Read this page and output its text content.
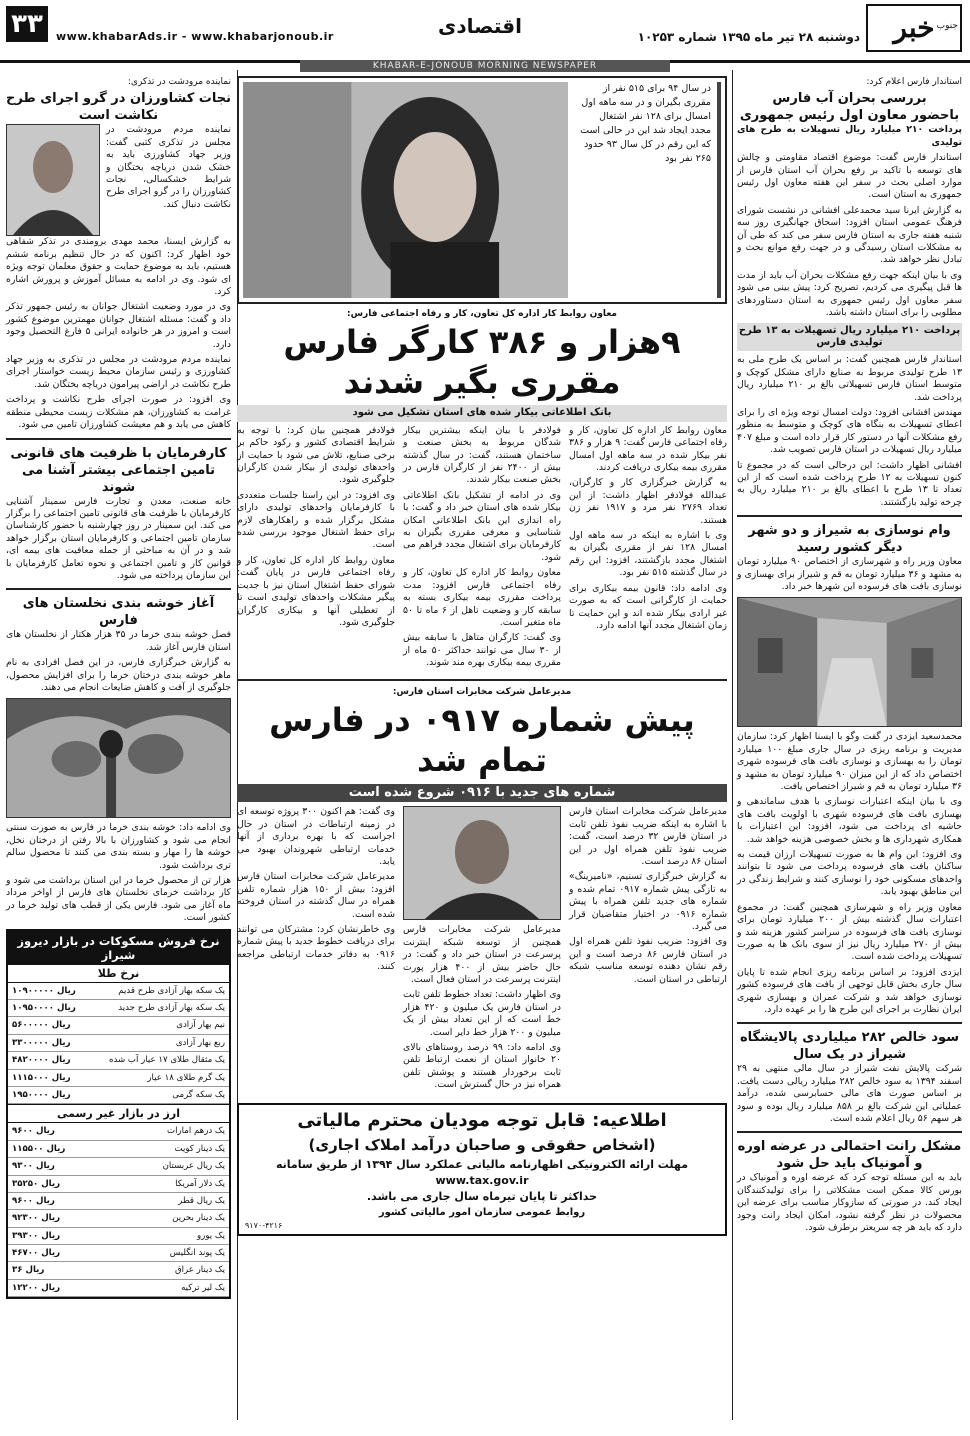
۳۳	www.khabarAds.ir - www.khabarjonoub.ir	اقتصادی	جنوب
خبر
دوشنبه ۲۸ تیر ماه ۱۳۹۵ شماره ۱۰۲۵۳
KHABAR-E-JONOUB MORNING NEWSPAPER

استاندار فارس اعلام کرد:

بررسی بحران آب فارس

باحضور معاون اول رئیس جمهوری

پرداخت ۲۱۰ میلیارد ریال تسهیلات به طرح های تولیدی

استاندار فارس گفت: موضوع اقتصاد مقاومتی و چالش های توسعه با تاکید بر رفع بحران آب استان فارس از موارد اصلی بحث در سفر این هفته معاون اول رئیس جمهوری به استان است.

به گزارش ایرنا سید محمدعلی افشانی در نشست شورای فرهنگ عمومی استان افزود: اسحاق جهانگیری روز سه شنبه هفته جاری به استان فارس سفر می کند که طی آن به مشکلات استان رسیدگی و در جهت رفع موانع بحث و تبادل نظر خواهد شد.

وی با بیان اینکه جهت رفع مشکلات بحران آب باید از مدت ها قبل پیگیری می کردیم، تصریح کرد: پیش بینی می شود سفر معاون اول رئیس جمهوری به استان دستاوردهای مطلوبی را برای استان داشته باشد.

پرداخت ۲۱۰ میلیارد ریال تسهیلات به ۱۳ طرح تولیدی فارس

استاندار فارس همچنین گفت: بر اساس یک طرح ملی به ۱۳ طرح تولیدی مربوط به صنایع دارای مشکل کوچک و متوسط استان فارس تسهیلاتی بالغ بر ۲۱۰ میلیارد ریال پرداخت شد.

مهندس افشانی افزود: دولت امسال توجه ویژه ای را برای اعطای تسهیلات به بنگاه های کوچک و متوسط به منظور رفع مشکلات آنها در دستور کار قرار داده است و مبلغ ۴۰۷ میلیارد ریال تسهیلات در استان فارس تصویب شد.

افشانی اظهار داشت: این درحالی است که در مجموع تا کنون تسهیلات به ۱۲ طرح پرداخت شده است که از این تعداد تا ۱۳ طرح با اعطای بالغ بر ۲۱۰ میلیارد ریال به چرخه تولید بازگشتند.

وام نوسازی به شیراز و دو شهر دیگر کشور رسید

معاون وزیر راه و شهرسازی از اختصاص ۹۰ میلیارد تومان به مشهد و ۳۶ میلیارد تومان به قم و شیراز برای بهسازی و نوسازی بافت های فرسوده این شهرها خبر داد.

محمدسعید ایزدی در گفت وگو با ایسنا اظهار کرد: سازمان مدیریت و برنامه ریزی در سال جاری مبلغ ۱۰۰ میلیارد تومان را به بهسازی و نوسازی بافت های فرسوده شهری اختصاص داد که از این میزان ۹۰ میلیارد تومان به مشهد و ۳۶ میلیارد تومان به قم و شیراز اختصاص یافت.

وی با بیان اینکه اعتبارات نوسازی با هدف ساماندهی و بهسازی بافت های فرسوده شهری با اولویت بافت های حاشیه ای پرداخت می شود، افزود: این اعتبارات با همکاری شهرداری ها و بخش خصوصی هزینه خواهد شد.

وی افزود: این وام ها به صورت تسهیلات ارزان قیمت به ساکنان بافت های فرسوده پرداخت می شود تا بتوانند واحدهای مسکونی خود را نوسازی کنند و شرایط زندگی در این مناطق بهبود یابد.

معاون وزیر راه و شهرسازی همچنین گفت: در مجموع اعتبارات سال گذشته بیش از ۲۰۰ میلیارد تومان برای نوسازی بافت های فرسوده در سراسر کشور هزینه شد و بیش از ۲۷۰ میلیارد ریال نیز از سوی بانک ها به صورت تسهیلات پرداخت شده است.

ایزدی افزود: بر اساس برنامه ریزی انجام شده تا پایان سال جاری بخش قابل توجهی از بافت های فرسوده کشور نوسازی خواهد شد و شرکت عمران و بهسازی شهری ایران نظارت بر اجرای این طرح ها را بر عهده دارد.

سود خالص ۲۸۲ میلیاردی پالایشگاه شیراز در یک سال

شرکت پالایش نفت شیراز در سال مالی منتهی به ۲۹ اسفند ۱۳۹۴ به سود خالص ۲۸۲ میلیارد ریالی دست یافت. بر اساس صورت های مالی حسابرسی شده، درآمد عملیاتی این شرکت بالغ بر ۸۵۸ میلیارد ریال بوده و سود هر سهم ۵۶ ریال اعلام شده است.

مشکل رانت احتمالی در عرضه اوره و آمونیاک باید حل شود

باید به این مسئله توجه کرد که عرضه اوره و آمونیاک در بورس کالا ممکن است مشکلاتی را برای تولیدکنندگان ایجاد کند. در صورتی که سازوکار مناسب برای عرضه این محصولات در نظر گرفته نشود، امکان ایجاد رانت وجود دارد که باید هر چه سریعتر برطرف شود.

در سال ۹۴ برای ۵۱۵ نفر از مقرری بگیران و در سه ماهه اول امسال برای ۱۲۸ نفر اشتغال مجدد ایجاد شد این در حالی است که این رقم در کل سال ۹۳ حدود ۲۶۵ نفر بود

معاون روابط کار اداره کل تعاون، کار و رفاه اجتماعی فارس:

۹هزار و ۳۸۶ کارگر فارس مقرری بگیر شدند

بانک اطلاعاتی بیکار شده های استان تشکیل می شود

معاون روابط کار اداره کل تعاون، کار و رفاه اجتماعی فارس گفت: ۹ هزار و ۳۸۶ نفر بیکار شده در سه ماهه اول امسال مقرری بیمه بیکاری دریافت کردند.

به گزارش خبرگزاری کار و کارگران، عبدالله فولادفر اظهار داشت: از این تعداد ۲۷۶۹ نفر مرد و ۱۹۱۷ نفر زن هستند.

وی با اشاره به اینکه در سه ماهه اول امسال ۱۲۸ نفر از مقرری بگیران به اشتغال مجدد بازگشتند، افزود: این رقم در سال گذشته ۵۱۵ نفر بود.

وی ادامه داد: قانون بیمه بیکاری برای حمایت از کارگرانی است که به صورت غیر ارادی بیکار شده اند و این حمایت تا زمان اشتغال مجدد آنها ادامه دارد.

فولادفر با بیان اینکه بیشترین بیکار شدگان مربوط به بخش صنعت و ساختمان هستند، گفت: در سال گذشته بیش از ۲۴۰۰ نفر از کارگران فارس در بخش صنعت بیکار شدند.

وی در ادامه از تشکیل بانک اطلاعاتی بیکار شده های استان خبر داد و گفت: با راه اندازی این بانک اطلاعاتی امکان شناسایی و معرفی مقرری بگیران به کارفرمایان برای اشتغال مجدد فراهم می شود.

معاون روابط کار اداره کل تعاون، کار و رفاه اجتماعی فارس افزود: مدت پرداخت مقرری بیمه بیکاری بسته به سابقه کار و وضعیت تاهل از ۶ ماه تا ۵۰ ماه متغیر است.

وی گفت: کارگران متاهل با سابقه بیش از ۳۰ سال می توانند حداکثر ۵۰ ماه از مقرری بیمه بیکاری بهره مند شوند.

فولادفر همچنین بیان کرد: با توجه به شرایط اقتصادی کشور و رکود حاکم بر برخی صنایع، تلاش می شود با حمایت از واحدهای تولیدی از بیکار شدن کارگران جلوگیری شود.

وی افزود: در این راستا جلسات متعددی با کارفرمایان واحدهای تولیدی دارای مشکل برگزار شده و راهکارهای لازم برای حفظ اشتغال موجود بررسی شده است.

معاون روابط کار اداره کل تعاون، کار و رفاه اجتماعی فارس در پایان گفت: شورای حفظ اشتغال استان نیز با جدیت پیگیر مشکلات واحدهای تولیدی است تا از تعطیلی آنها و بیکاری کارگران جلوگیری شود.

مدیرعامل شرکت مخابرات استان فارس:

پیش شماره ۰۹۱۷ در فارس تمام شد

شماره های جدید با ۰۹۱۶ شروع شده است

مدیرعامل شرکت مخابرات استان فارس با اشاره به اینکه ضریب نفوذ تلفن ثابت در استان فارس ۳۲ درصد است، گفت: ضریب نفوذ تلفن همراه اول در این استان ۸۶ درصد است.

به گزارش خبرگزاری تسنیم، «نامیرینگ» به تازگی پیش شماره ۰۹۱۷ تمام شده و شماره های جدید تلفن همراه با پیش شماره ۰۹۱۶ در اختیار متقاضیان قرار می گیرد.

وی افزود: ضریب نفوذ تلفن همراه اول در استان فارس ۸۶ درصد است و این رقم نشان دهنده توسعه مناسب شبکه ارتباطی در استان است.

مدیرعامل شرکت مخابرات فارس همچنین از توسعه شبکه اینترنت پرسرعت در استان خبر داد و گفت: در حال حاضر بیش از ۴۰۰ هزار پورت اینترنت پرسرعت در استان فعال است.

وی اظهار داشت: تعداد خطوط تلفن ثابت در استان فارس یک میلیون و ۴۲۰ هزار خط است که از این تعداد بیش از یک میلیون و ۲۰۰ هزار خط دایر است.

وی ادامه داد: ۹۹ درصد روستاهای بالای ۲۰ خانوار استان از نعمت ارتباط تلفن ثابت برخوردار هستند و پوشش تلفن همراه نیز در حال گسترش است.

وی گفت: هم اکنون ۳۰۰ پروژه توسعه ای در زمینه ارتباطات در استان در حال اجراست که با بهره برداری از آنها خدمات ارتباطی شهروندان بهبود می یابد.

مدیرعامل شرکت مخابرات استان فارس افزود: بیش از ۱۵۰ هزار شماره تلفن همراه در سال گذشته در استان فروخته شده است.

وی خاطرنشان کرد: مشترکان می توانند برای دریافت خطوط جدید با پیش شماره ۰۹۱۶ به دفاتر خدمات ارتباطی مراجعه کنند.

اطلاعیه: قابل توجه مودیان محترم مالیاتی
(اشخاص حقوقی و صاحبان درآمد املاک اجاری)
مهلت ارائه الکترونیکی اظهارنامه مالیاتی عملکرد سال ۱۳۹۴ از طریق سامانه www.tax.gov.ir
حداکثر تا پایان تیرماه سال جاری می باشد.
روابط عمومی سازمان امور مالیاتی کشور
۹۱۷۰-۴۲۱۶

نماینده مرودشت در تذکری:

نجات کشاورزان در گرو اجرای طرح نکاشت است

نماینده مردم مرودشت در مجلس در تذکری کتبی گفت: وزیر جهاد کشاورزی باید به خشک شدن دریاچه بختگان و شرایط خشکسالی، نجات کشاورزان را در گرو اجرای طرح نکاشت دنبال کند.

به گزارش ایسنا، محمد مهدی برومندی در تذکر شفاهی خود اظهار کرد: اکنون که در حال تنظیم برنامه ششم هستیم، باید به موضوع حمایت و حقوق معلمان توجه ویژه ای شود. وی در ادامه به مسائل آموزش و پرورش اشاره کرد.

وی در مورد وضعیت اشتغال جوانان به رئیس جمهور تذکر داد و گفت: مسئله اشتغال جوانان مهمترین موضوع کشور است و امروز در هر خانواده ایرانی ۵ فارغ التحصیل وجود دارد.

نماینده مردم مرودشت در مجلس در تذکری به وزیر جهاد کشاورزی و رئیس سازمان محیط زیست خواستار اجرای طرح نکاشت در اراضی پیرامون دریاچه بختگان شد.

وی افزود: در صورت اجرای طرح نکاشت و پرداخت غرامت به کشاورزان، هم مشکلات زیست محیطی منطقه کاهش می یابد و هم معیشت کشاورزان تامین می شود.

کارفرمایان با ظرفیت های قانونی تامین اجتماعی بیشتر آشنا می شوند

خانه صنعت، معدن و تجارت فارس سمینار آشنایی کارفرمایان با ظرفیت های قانونی تامین اجتماعی را برگزار می کند. این سمینار در روز چهارشنبه با حضور کارشناسان سازمان تامین اجتماعی و کارفرمایان استان برگزار خواهد شد و در آن به مباحثی از جمله معافیت های بیمه ای، قوانین کار و تامین اجتماعی و نحوه تعامل کارفرمایان با این سازمان پرداخته می شود.

آغاز خوشه بندی نخلستان های فارس

فصل خوشه بندی خرما در ۳۵ هزار هکتار از نخلستان های استان فارس آغاز شد.

به گزارش خبرگزاری فارس، در این فصل افرادی به نام ماهر خوشه بندی درختان خرما را برای افزایش محصول، جلوگیری از آفت و کاهش ضایعات انجام می دهند.

وی ادامه داد: خوشه بندی خرما در فارس به صورت سنتی انجام می شود و کشاورزان با بالا رفتن از درختان نخل، خوشه ها را مهار و بسته بندی می کنند تا محصول سالم تری برداشت شود.

هزار تن از محصول خرما در این استان برداشت می شود و کار برداشت خرمای نخلستان های فارس از اواخر مرداد ماه آغاز می شود. فارس یکی از قطب های تولید خرما در کشور است.

نرخ فروش مسکوکات در بازار دیروز شیراز
نرخ طلا
یک سکه بهار آزادی طرح قدیم
۱۰۹۰۰۰۰۰ ریال
یک سکه بهار آزادی طرح جدید
۱۰۹۵۰۰۰۰ ریال
نیم بهار آزادی
۵۶۰۰۰۰۰ ریال
ربع بهار آزادی
۳۳۰۰۰۰۰ ریال
یک مثقال طلای ۱۷ عیار آب شده
۴۸۲۰۰۰۰ ریال
یک گرم طلای ۱۸ عیار
۱۱۱۵۰۰۰ ریال
یک سکه گرمی
۱۹۵۰۰۰۰ ریال
ارز در بازار غیر رسمی
یک درهم امارات
۹۶۰۰ ریال
یک دینار کویت
۱۱۵۵۰۰ ریال
یک ریال عربستان
۹۳۰۰ ریال
یک دلار آمریکا
۳۵۲۵۰ ریال
یک ریال قطر
۹۶۰۰ ریال
یک دینار بحرین
۹۲۳۰۰ ریال
یک یورو
۳۹۳۰۰ ریال
یک پوند انگلیس
۴۶۷۰۰ ریال
یک دینار عراق
۳۶ ریال
یک لیر ترکیه
۱۲۲۰۰ ریال
